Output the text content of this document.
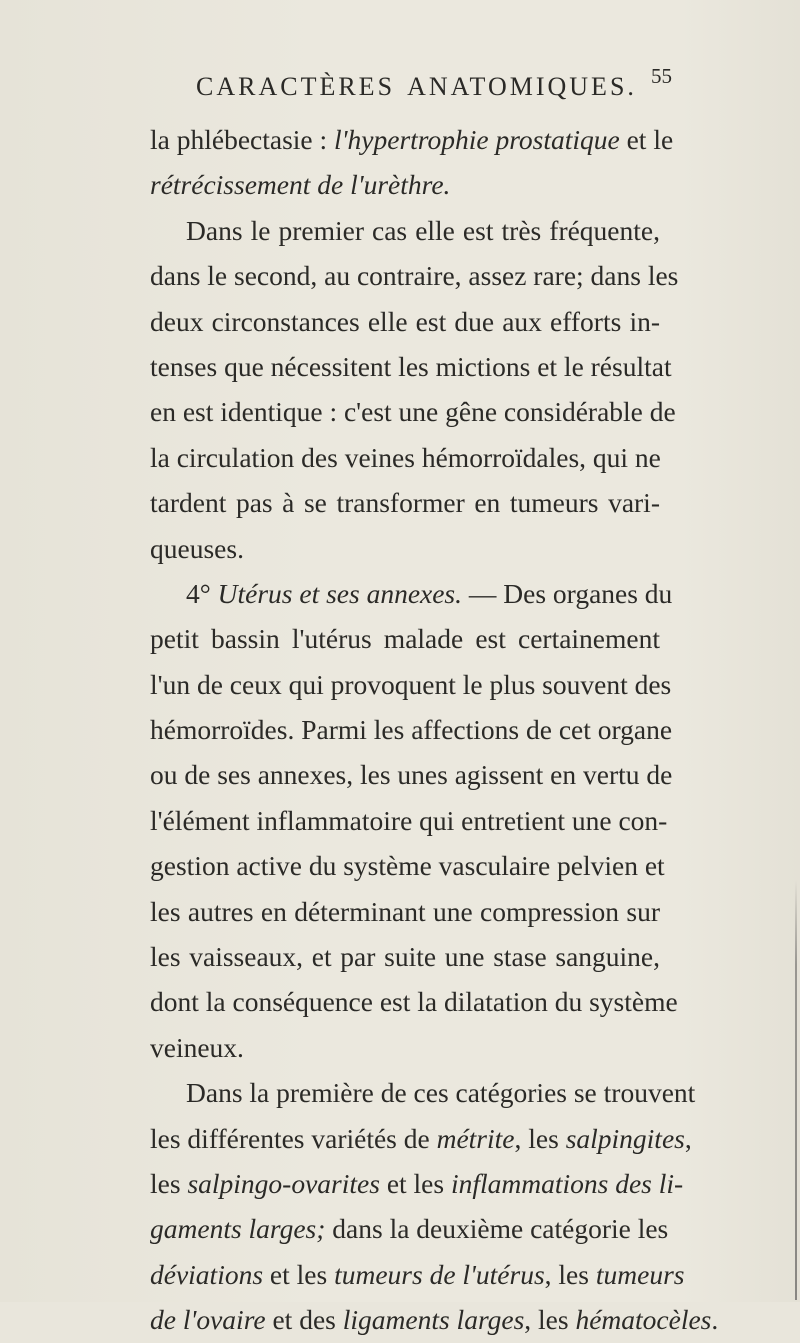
CARACTÈRES ANATOMIQUES. 55
la phlébectasie : l'hypertrophie prostatique et le
rétrécissement de l'urèthre.
Dans le premier cas elle est très fréquente,
dans le second, au contraire, assez rare; dans les
deux circonstances elle est due aux efforts in-
tenses que nécessitent les mictions et le résultat
en est identique : c'est une gêne considérable de
la circulation des veines hémorroïdales, qui ne
tardent pas à se transformer en tumeurs vari-
queuses.
4° Utérus et ses annexes. — Des organes du
petit bassin l'utérus malade est certainement
l'un de ceux qui provoquent le plus souvent des
hémorroïdes. Parmi les affections de cet organe
ou de ses annexes, les unes agissent en vertu de
l'élément inflammatoire qui entretient une con-
gestion active du système vasculaire pelvien et
les autres en déterminant une compression sur
les vaisseaux, et par suite une stase sanguine,
dont la conséquence est la dilatation du système
veineux.
Dans la première de ces catégories se trouvent
les différentes variétés de métrite, les salpingites,
les salpingo-ovarites et les inflammations des li-
gaments larges; dans la deuxième catégorie les
déviations et les tumeurs de l'utérus, les tumeurs
de l'ovaire et des ligaments larges, les hématocèles.
